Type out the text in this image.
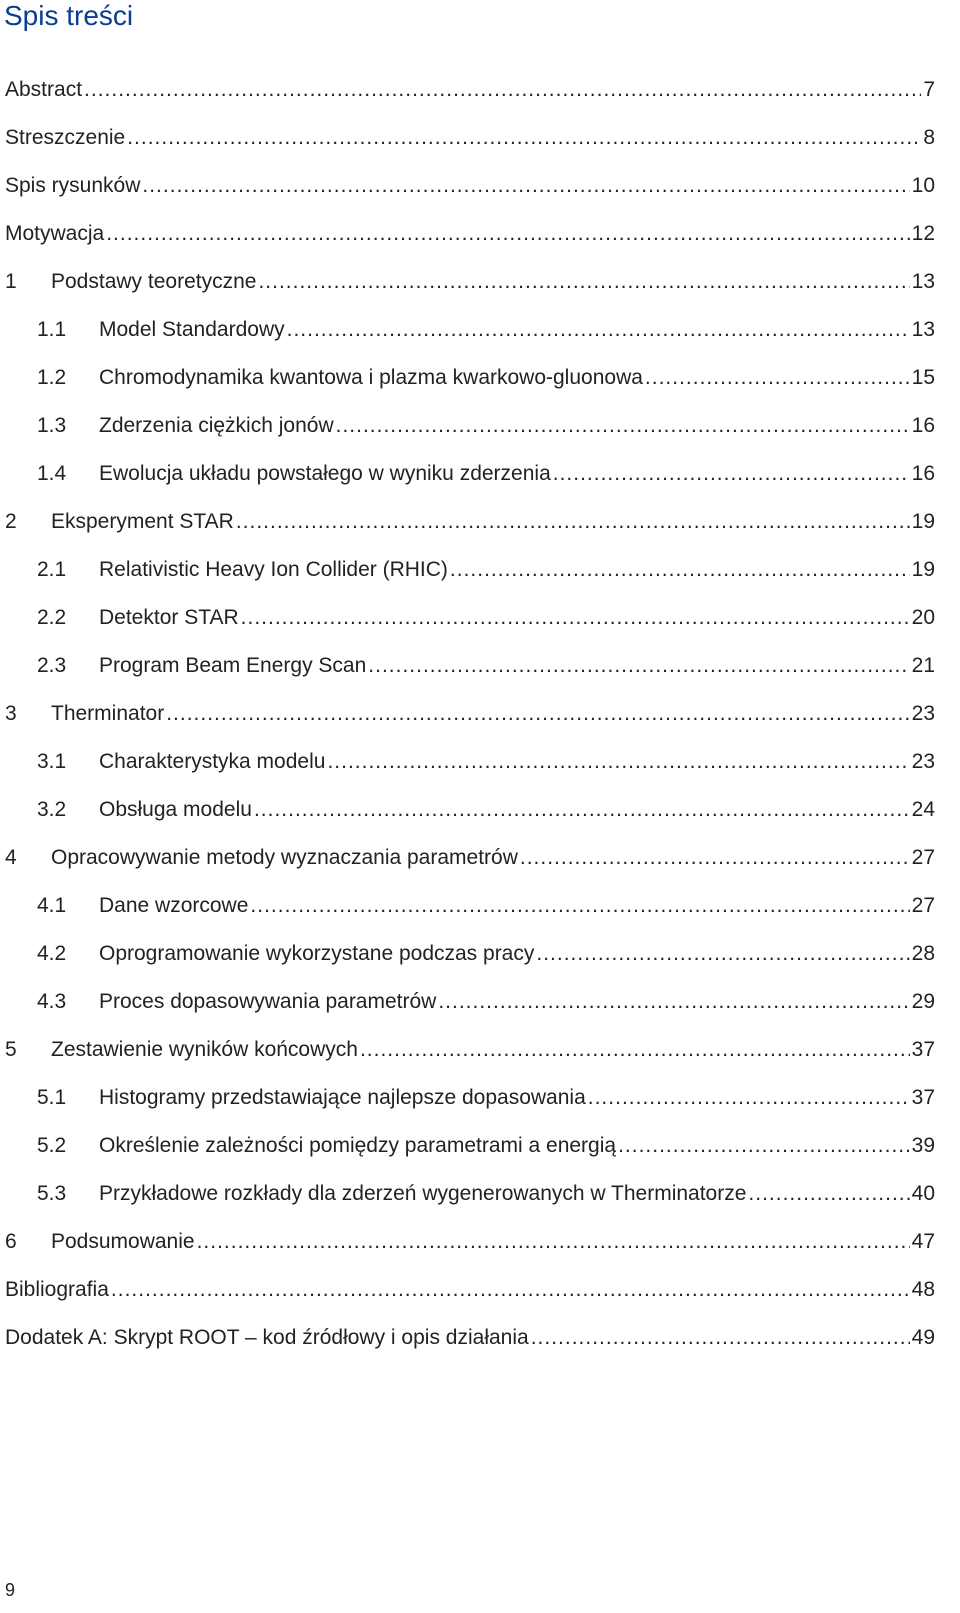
Spis treści
Abstract .....	7
Streszczenie .....	8
Spis rysunków .....	10
Motywacja .....	12
1	Podstawy teoretyczne .....	13
1.1	Model Standardowy .....	13
1.2	Chromodynamika kwantowa i plazma kwarkowo-gluonowa .....	15
1.3	Zderzenia ciężkich jonów .....	16
1.4	Ewolucja układu powstałego w wyniku zderzenia .....	16
2	Eksperyment STAR .....	19
2.1	Relativistic Heavy Ion Collider (RHIC) .....	19
2.2	Detektor STAR .....	20
2.3	Program Beam Energy Scan .....	21
3	Therminator .....	23
3.1	Charakterystyka modelu .....	23
3.2	Obsługa modelu .....	24
4	Opracowywanie metody wyznaczania parametrów .....	27
4.1	Dane wzorcowe .....	27
4.2	Oprogramowanie wykorzystane podczas pracy .....	28
4.3	Proces dopasowywania parametrów .....	29
5	Zestawienie wyników końcowych .....	37
5.1	Histogramy przedstawiające najlepsze dopasowania .....	37
5.2	Określenie zależności pomiędzy parametrami a energią .....	39
5.3	Przykładowe rozkłady dla zderzeń wygenerowanych w Therminatorze .....	40
6	Podsumowanie .....	47
Bibliografia .....	48
Dodatek A: Skrypt ROOT – kod źródłowy i opis działania .....	49
9
